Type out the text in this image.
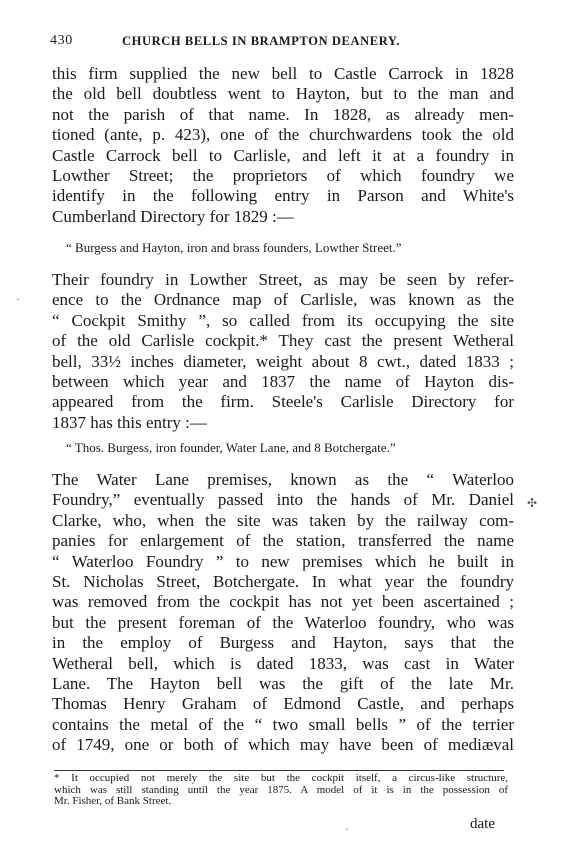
430	CHURCH BELLS IN BRAMPTON DEANERY.
this firm supplied the new bell to Castle Carrock in 1828
the old bell doubtless went to Hayton, but to the man and
not the parish of that name. In 1828, as already men-
tioned (ante, p. 423), one of the churchwardens took the old
Castle Carrock bell to Carlisle, and left it at a foundry in
Lowther Street; the proprietors of which foundry we
identify in the following entry in Parson and White's
Cumberland Directory for 1829 :—
“ Burgess and Hayton, iron and brass founders, Lowther Street.”
Their foundry in Lowther Street, as may be seen by refer-
ence to the Ordnance map of Carlisle, was known as the
“ Cockpit Smithy ”, so called from its occupying the site
of the old Carlisle cockpit.* They cast the present Wetheral
bell, 33½ inches diameter, weight about 8 cwt., dated 1833 ;
between which year and 1837 the name of Hayton dis-
appeared from the firm. Steele's Carlisle Directory for
1837 has this entry :—
“ Thos. Burgess, iron founder, Water Lane, and 8 Botchergate.”
The Water Lane premises, known as the “ Waterloo
Foundry,” eventually passed into the hands of Mr. Daniel
Clarke, who, when the site was taken by the railway com-
panies for enlargement of the station, transferred the name
“ Waterloo Foundry ” to new premises which he built in
St. Nicholas Street, Botchergate. In what year the foundry
was removed from the cockpit has not yet been ascertained ;
but the present foreman of the Waterloo foundry, who was
in the employ of Burgess and Hayton, says that the
Wetheral bell, which is dated 1833, was cast in Water
Lane. The Hayton bell was the gift of the late Mr.
Thomas Henry Graham of Edmond Castle, and perhaps
contains the metal of the “ two small bells ” of the terrier
of 1749, one or both of which may have been of mediæval
* It occupied not merely the site but the cockpit itself, a circus-like structure,
which was still standing until the year 1875. A model of it is in the possession of
Mr. Fisher, of Bank Street.
date
·
✣
·
